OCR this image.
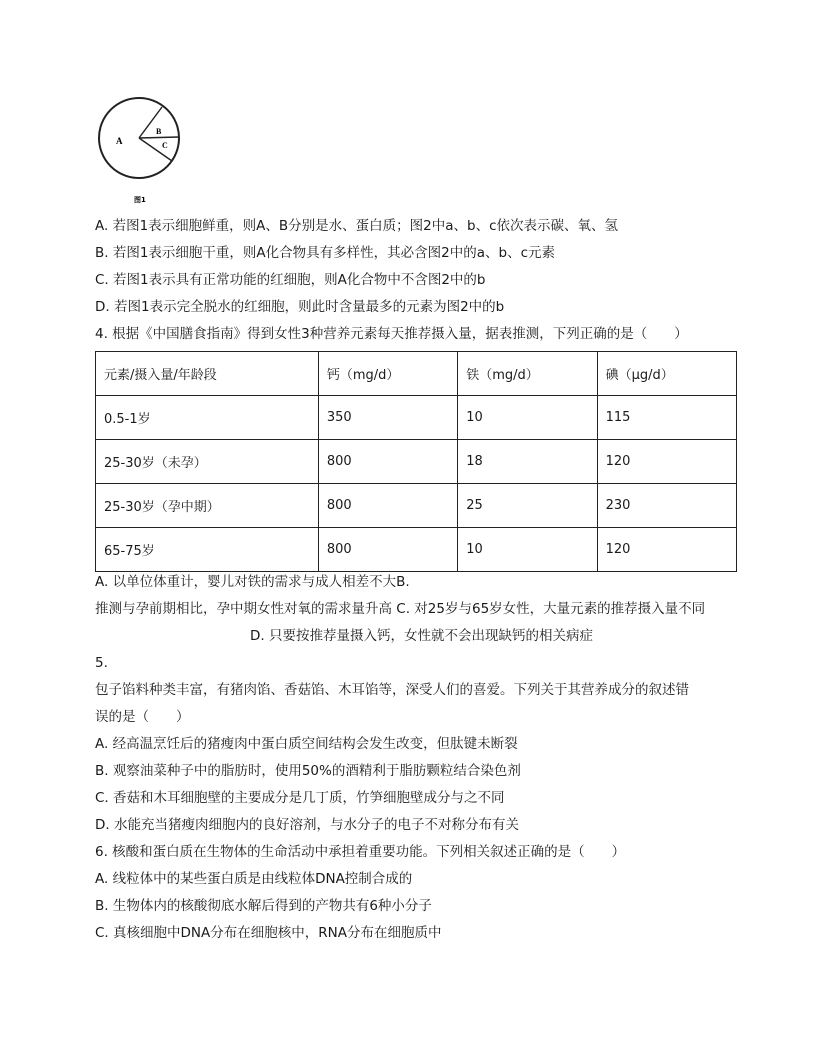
A
B
C
图1
A. 若图1表示细胞鲜重，则A、B分别是水、蛋白质；图2中a、b、c依次表示碳、氧、氢
B. 若图1表示细胞干重，则A化合物具有多样性，其必含图2中的a、b、c元素
C. 若图1表示具有正常功能的红细胞，则A化合物中不含图2中的b
D. 若图1表示完全脱水的红细胞，则此时含量最多的元素为图2中的b
4. 根据《中国膳食指南》得到女性3种营养元素每天推荐摄入量，据表推测，下列正确的是（　　）
元素/摄入量/年龄段	钙（mg/d）	铁（mg/d）	碘（μg/d）
0.5-1岁	350	10	115
25-30岁（未孕）	800	18	120
25-30岁（孕中期）	800	25	230
65-75岁	800	10	120
A. 以单位体重计，婴儿对铁的需求与成人相差不大B.
推测与孕前期相比，孕中期女性对氧的需求量升高 C. 对25岁与65岁女性，大量元素的推荐摄入量不同
D. 只要按推荐量摄入钙，女性就不会出现缺钙的相关病症
5.
包子馅料种类丰富，有猪肉馅、香菇馅、木耳馅等，深受人们的喜爱。下列关于其营养成分的叙述错
误的是（　　）
A. 经高温烹饪后的猪瘦肉中蛋白质空间结构会发生改变，但肽键未断裂
B. 观察油菜种子中的脂肪时，使用50%的酒精利于脂肪颗粒结合染色剂
C. 香菇和木耳细胞壁的主要成分是几丁质，竹笋细胞壁成分与之不同
D. 水能充当猪瘦肉细胞内的良好溶剂，与水分子的电子不对称分布有关
6. 核酸和蛋白质在生物体的生命活动中承担着重要功能。下列相关叙述正确的是（　　）
A. 线粒体中的某些蛋白质是由线粒体DNA控制合成的
B. 生物体内的核酸彻底水解后得到的产物共有6种小分子
C. 真核细胞中DNA分布在细胞核中，RNA分布在细胞质中
